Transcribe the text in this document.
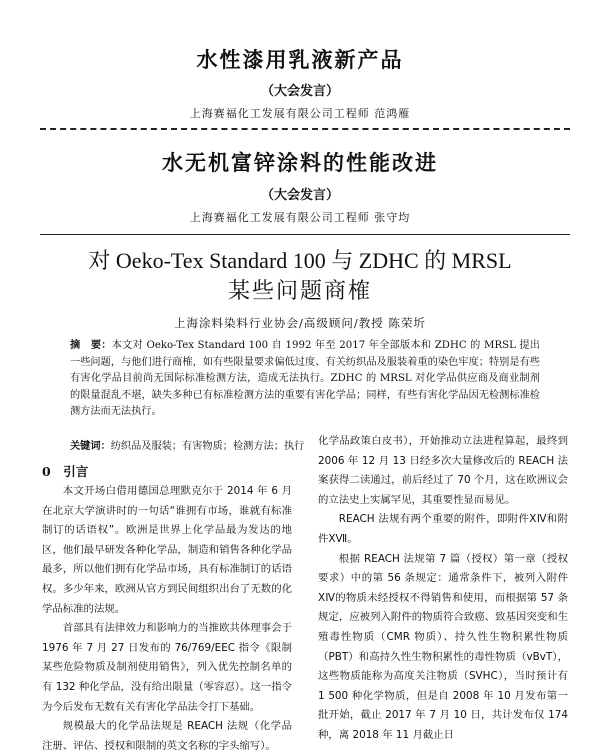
水性漆用乳液新产品
（大会发言）
上海赛福化工发展有限公司工程师 范鸿雁
水无机富锌涂料的性能改进
（大会发言）
上海赛福化工发展有限公司工程师 张守均
对 Oeko-Tex Standard 100 与 ZDHC 的 MRSL
某些问题商榷
上海涂料染料行业协会/高级顾问/教授 陈荣圻
摘　要：本文对 Oeko-Tex Standard 100 自 1992 年至 2017 年全部版本和 ZDHC 的 MRSL 提出一些问题，与他们进行商榷，如有些限量要求偏低过度、有关纺织品及服装着重的染色牢度；特别是有些有害化学品目前尚无国际标准检测方法，造成无法执行。ZDHC 的 MRSL 对化学品供应商及商业制剂的限量混乱不堪，缺失多种已有标准检测方法的重要有害化学品；同样，有些有害化学品因无检测标准检测方法而无法执行。
关键词：纺织品及服装；有害物质；检测方法；执行
0　引言

本文开场白借用德国总理默克尔于 2014 年 6 月在北京大学演讲时的一句话“谁拥有市场，谁就有标准制订的话语权”。欧洲是世界上化学品最为发达的地区，他们最早研发各种化学品，制造和销售各种化学品最多，所以他们拥有化学品市场，具有标准制订的话语权。多少年来，欧洲从官方到民间组织出台了无数的化学品标准的法规。

首部具有法律效力和影响力的当推欧共体理事会于 1976 年 7 月 27 日发布的 76/769/EEC 指令《限制某些危险物质及制剂使用销售》，列入优先控制名单的有 132 种化学品，没有给出限量（零容忍）。这一指令为今后发布无数有关有害化学品法令打下基础。

规模最大的化学品法规是 REACH 法规（化学品注册、评估、授权和限制的英文名称的字头缩写）。

化学品政策白皮书），开始推动立法进程算起，最终到 2006 年 12 月 13 日经多次大量修改后的 REACH 法案获得二读通过，前后经过了 70 个月，这在欧洲议会的立法史上实属罕见，其重要性显而易见。

REACH 法规有两个重要的附件，即附件ⅩⅣ和附件ⅩⅦ。

根据 REACH 法规第 7 篇（授权）第一章（授权要求）中的第 56 条规定：通常条件下，被列入附件ⅩⅣ的物质未经授权不得销售和使用，而根据第 57 条规定，应被列入附件的物质符合致癌、致基因突变和生殖毒性物质（CMR 物质）、持久性生物积累性物质（PBT）和高持久性生物积累性的毒性物质（vBvT），这些物质能称为高度关注物质（SVHC），当时预计有 1 500 种化学物质，但是自 2008 年 10 月发布第一批开始，截止 2017 年 7 月 10 日，共计发布仅 174 种，离 2018 年 11 月截止日
